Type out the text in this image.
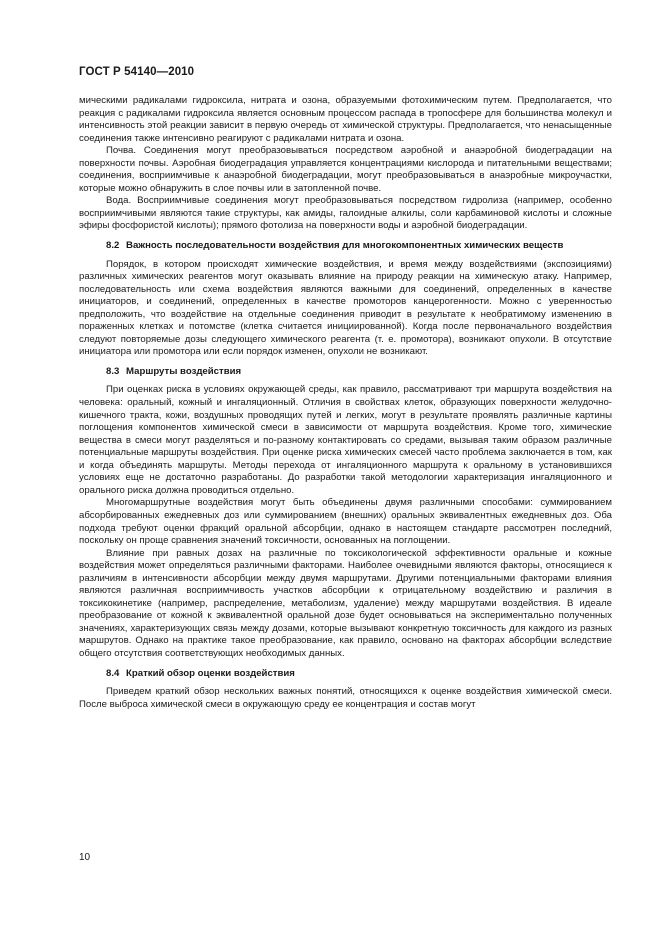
ГОСТ Р 54140—2010

мическими радикалами гидроксила, нитрата и озона, образуемыми фотохимическим путем. Предполагается, что реакция с радикалами гидроксила является основным процессом распада в тропосфере для большинства молекул и интенсивность этой реакции зависит в первую очередь от химической структуры. Предполагается, что ненасыщенные соединения также интенсивно реагируют с радикалами нитрата и озона.

Почва. Соединения могут преобразовываться посредством аэробной и анаэробной биодеградации на поверхности почвы. Аэробная биодеградация управляется концентрациями кислорода и питательными веществами; соединения, восприимчивые к анаэробной биодеградации, могут преобразовываться в анаэробные микроучастки, которые можно обнаружить в слое почвы или в затопленной почве.

Вода. Восприимчивые соединения могут преобразовываться посредством гидролиза (например, особенно восприимчивыми являются такие структуры, как амиды, галоидные алкилы, соли карбаминовой кислоты и сложные эфиры фосфористой кислоты); прямого фотолиза на поверхности воды и аэробной биодеградации.

8.2 Важность последовательности воздействия для многокомпонентных химических веществ

Порядок, в котором происходят химические воздействия, и время между воздействиями (экспозициями) различных химических реагентов могут оказывать влияние на природу реакции на химическую атаку. Например, последовательность или схема воздействия являются важными для соединений, определенных в качестве инициаторов, и соединений, определенных в качестве промоторов канцерогенности. Можно с уверенностью предположить, что воздействие на отдельные соединения приводит в результате к необратимому изменению в пораженных клетках и потомстве (клетка считается инициированной). Когда после первоначального воздействия следуют повторяемые дозы следующего химического реагента (т. е. промотора), возникают опухоли. В отсутствие инициатора или промотора или если порядок изменен, опухоли не возникают.

8.3 Маршруты воздействия

При оценках риска в условиях окружающей среды, как правило, рассматривают три маршрута воздействия на человека: оральный, кожный и ингаляционный. Отличия в свойствах клеток, образующих поверхности желудочно-кишечного тракта, кожи, воздушных проводящих путей и легких, могут в результате проявлять различные картины поглощения компонентов химической смеси в зависимости от маршрута воздействия. Кроме того, химические вещества в смеси могут разделяться и по-разному контактировать со средами, вызывая таким образом различные потенциальные маршруты воздействия. При оценке риска химических смесей часто проблема заключается в том, как и когда объединять маршруты. Методы перехода от ингаляционного маршрута к оральному в установившихся условиях еще не достаточно разработаны. До разработки такой методологии характеризация ингаляционного и орального риска должна проводиться отдельно.

Многомаршрутные воздействия могут быть объединены двумя различными способами: суммированием абсорбированных ежедневных доз или суммированием (внешних) оральных эквивалентных ежедневных доз. Оба подхода требуют оценки фракций оральной абсорбции, однако в настоящем стандарте рассмотрен последний, поскольку он проще сравнения значений токсичности, основанных на поглощении.

Влияние при равных дозах на различные по токсикологической эффективности оральные и кожные воздействия может определяться различными факторами. Наиболее очевидными являются факторы, относящиеся к различиям в интенсивности абсорбции между двумя маршрутами. Другими потенциальными факторами влияния являются различная восприимчивость участков абсорбции к отрицательному воздействию и различия в токсикокинетике (например, распределение, метаболизм, удаление) между маршрутами воздействия. В идеале преобразование от кожной к эквивалентной оральной дозе будет основываться на экспериментально полученных значениях, характеризующих связь между дозами, которые вызывают конкретную токсичность для каждого из разных маршрутов. Однако на практике такое преобразование, как правило, основано на факторах абсорбции вследствие общего отсутствия соответствующих необходимых данных.

8.4 Краткий обзор оценки воздействия

Приведем краткий обзор нескольких важных понятий, относящихся к оценке воздействия химической смеси. После выброса химической смеси в окружающую среду ее концентрация и состав могут

10
